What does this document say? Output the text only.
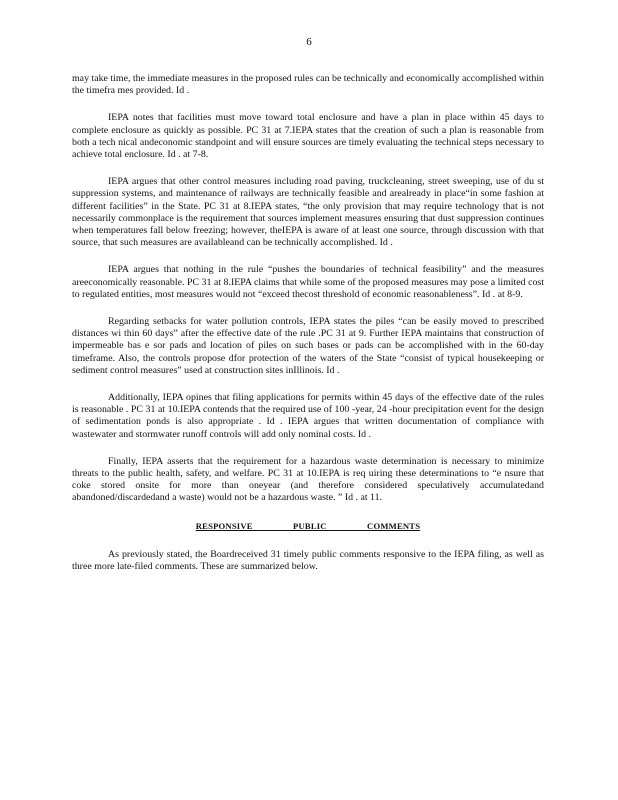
6

may take time, the immediate measures in the proposed rules can be technically and economically accomplished within the timefra mes provided. Id .

IEPA notes that facilities must move toward total enclosure and have a plan in place within 45 days to complete enclosure as quickly as possible. PC 31 at 7.IEPA states that the creation of such a plan is reasonable from both a tech nical andeconomic standpoint and will ensure sources are timely evaluating the technical steps necessary to achieve total enclosure. Id . at 7-8.

IEPA argues that other control measures including road paving, truckcleaning, street sweeping, use of du st suppression systems, and maintenance of railways are technically feasible and arealready in place“in some fashion at different facilities” in the State. PC 31 at 8.IEPA states, “the only provision that may require technology that is not necessarily commonplace is the requirement that sources implement measures ensuring that dust suppression continues when temperatures fall below freezing; however, theIEPA is aware of at least one source, through discussion with that source, that such measures are availableand can be technically accomplished. Id .

IEPA argues that nothing in the rule “pushes the boundaries of technical feasibility” and the measures areeconomically reasonable. PC 31 at 8.IEPA claims that while some of the proposed measures may pose a limited cost to regulated entities, most measures would not “exceed thecost threshold of economic reasonableness”. Id . at 8-9.

Regarding setbacks for water pollution controls, IEPA states the piles “can be easily moved to prescribed distances wi thin 60 days” after the effective date of the rule .PC 31 at 9. Further IEPA maintains that construction of impermeable bas e sor pads and location of piles on such bases or pads can be accomplished with in the 60-day timeframe. Also, the controls propose dfor protection of the waters of the State “consist of typical housekeeping or sediment control measures” used at construction sites inIllinois. Id .

Additionally, IEPA opines that filing applications for permits within 45 days of the effective date of the rules is reasonable . PC 31 at 10.IEPA contends that the required use of 100 -year, 24 -hour precipitation event for the design of sedimentation ponds is also appropriate . Id . IEPA argues that written documentation of compliance with wastewater and stormwater runoff controls will add only nominal costs. Id .

Finally, IEPA asserts that the requirement for a hazardous waste determination is necessary to minimize threats to the public health, safety, and welfare. PC 31 at 10.IEPA is req uiring these determinations to “e nsure that coke stored onsite for more than oneyear (and therefore considered speculatively accumulatedand abandoned/discardedand a waste) would not be a hazardous waste. ” Id . at 11.

RESPONSIVE PUBLIC COMMENTS

As previously stated, the Boardreceived 31 timely public comments responsive to the IEPA filing, as well as three more late-filed comments. These are summarized below.
